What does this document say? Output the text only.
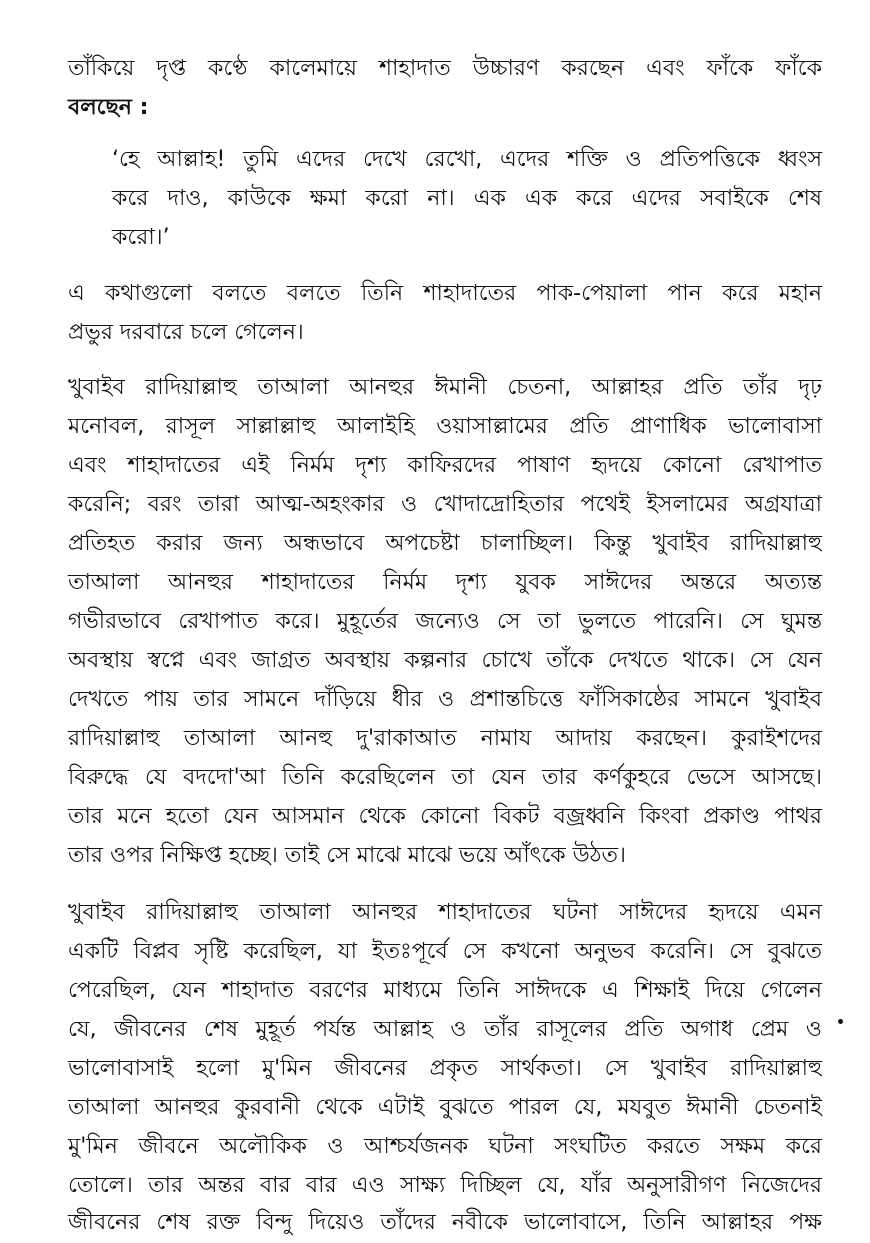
তাঁকিয়ে দৃপ্ত কণ্ঠে কালেমায়ে শাহাদাত উচ্চারণ করছেন এবং ফাঁকে ফাঁকে
বলছেন :
‘হে আল্লাহ! তুমি এদের দেখে রেখো, এদের শক্তি ও প্রতিপত্তিকে ধ্বংস
করে দাও, কাউকে ক্ষমা করো না। এক এক করে এদের সবাইকে শেষ
করো।’
এ কথাগুলো বলতে বলতে তিনি শাহাদাতের পাক-পেয়ালা পান করে মহান
প্রভুর দরবারে চলে গেলেন।
খুবাইব রাদিয়াল্লাহু তাআলা আনহুর ঈমানী চেতনা, আল্লাহর প্রতি তাঁর দৃঢ়
মনোবল, রাসূল সাল্লাল্লাহু আলাইহি ওয়াসাল্লামের প্রতি প্রাণাধিক ভালোবাসা
এবং শাহাদাতের এই নির্মম দৃশ্য কাফিরদের পাষাণ হৃদয়ে কোনো রেখাপাত
করেনি; বরং তারা আত্ম-অহংকার ও খোদাদ্রোহিতার পথেই ইসলামের অগ্রযাত্রা
প্রতিহত করার জন্য অন্ধভাবে অপচেষ্টা চালাচ্ছিল। কিন্তু খুবাইব রাদিয়াল্লাহু
তাআলা আনহুর শাহাদাতের নির্মম দৃশ্য যুবক সাঈদের অন্তরে অত্যন্ত
গভীরভাবে রেখাপাত করে। মুহূর্তের জন্যেও সে তা ভুলতে পারেনি। সে ঘুমন্ত
অবস্থায় স্বপ্নে এবং জাগ্রত অবস্থায় কল্পনার চোখে তাঁকে দেখতে থাকে। সে যেন
দেখতে পায় তার সামনে দাঁড়িয়ে ধীর ও প্রশান্তচিত্তে ফাঁসিকাষ্ঠের সামনে খুবাইব
রাদিয়াল্লাহু তাআলা আনহু দু'রাকাআত নামায আদায় করছেন। কুরাইশদের
বিরুদ্ধে যে বদদো'আ তিনি করেছিলেন তা যেন তার কর্ণকুহরে ভেসে আসছে।
তার মনে হতো যেন আসমান থেকে কোনো বিকট বজ্রধ্বনি কিংবা প্রকাণ্ড পাথর
তার ওপর নিক্ষিপ্ত হচ্ছে। তাই সে মাঝে মাঝে ভয়ে আঁৎকে উঠত।
খুবাইব রাদিয়াল্লাহু তাআলা আনহুর শাহাদাতের ঘটনা সাঈদের হৃদয়ে এমন
একটি বিপ্লব সৃষ্টি করেছিল, যা ইতঃপূর্বে সে কখনো অনুভব করেনি। সে বুঝতে
পেরেছিল, যেন শাহাদাত বরণের মাধ্যমে তিনি সাঈদকে এ শিক্ষাই দিয়ে গেলেন
যে, জীবনের শেষ মুহূর্ত পর্যন্ত আল্লাহ ও তাঁর রাসূলের প্রতি অগাধ প্রেম ও
ভালোবাসাই হলো মু'মিন জীবনের প্রকৃত সার্থকতা। সে খুবাইব রাদিয়াল্লাহু
তাআলা আনহুর কুরবানী থেকে এটাই বুঝতে পারল যে, মযবুত ঈমানী চেতনাই
মু'মিন জীবনে অলৌকিক ও আশ্চর্যজনক ঘটনা সংঘটিত করতে সক্ষম করে
তোলে। তার অন্তর বার বার এও সাক্ষ্য দিচ্ছিল যে, যাঁর অনুসারীগণ নিজেদের
জীবনের শেষ রক্ত বিন্দু দিয়েও তাঁদের নবীকে ভালোবাসে, তিনি আল্লাহর পক্ষ
